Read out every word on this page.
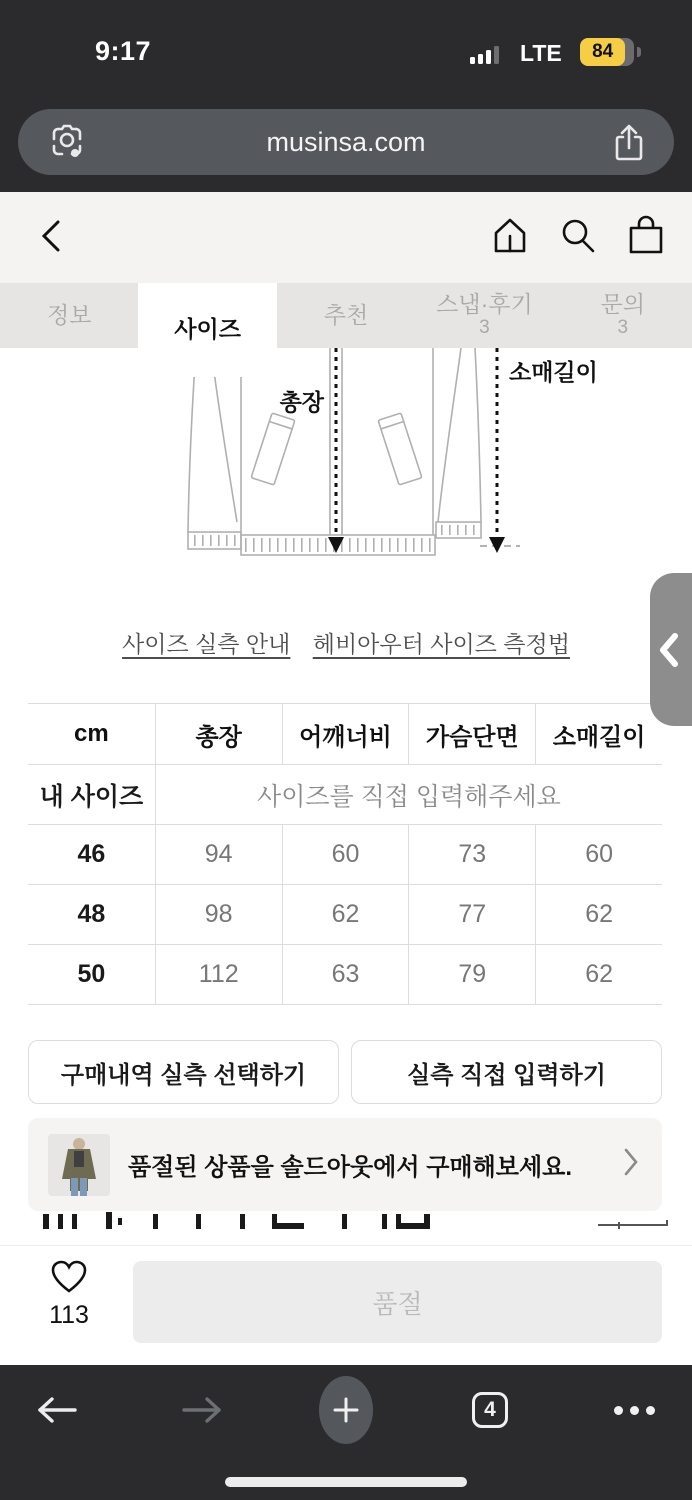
9:17	LTE	84
musinsa.com
정보
사이즈
추천	스냅·후기
3
문의
3
총장
소매길이
사이즈 실측 안내 헤비아우터 사이즈 측정법
cm	총장	어깨너비	가슴단면	소매길이
내 사이즈	사이즈를 직접 입력해주세요
46	94	60	73	60
48	98	62	77	62
50	112	63	79	62
구매내역 실측 선택하기	실측 직접 입력하기
품절된 상품을 솔드아웃에서 구매해보세요.
113	품절
4
